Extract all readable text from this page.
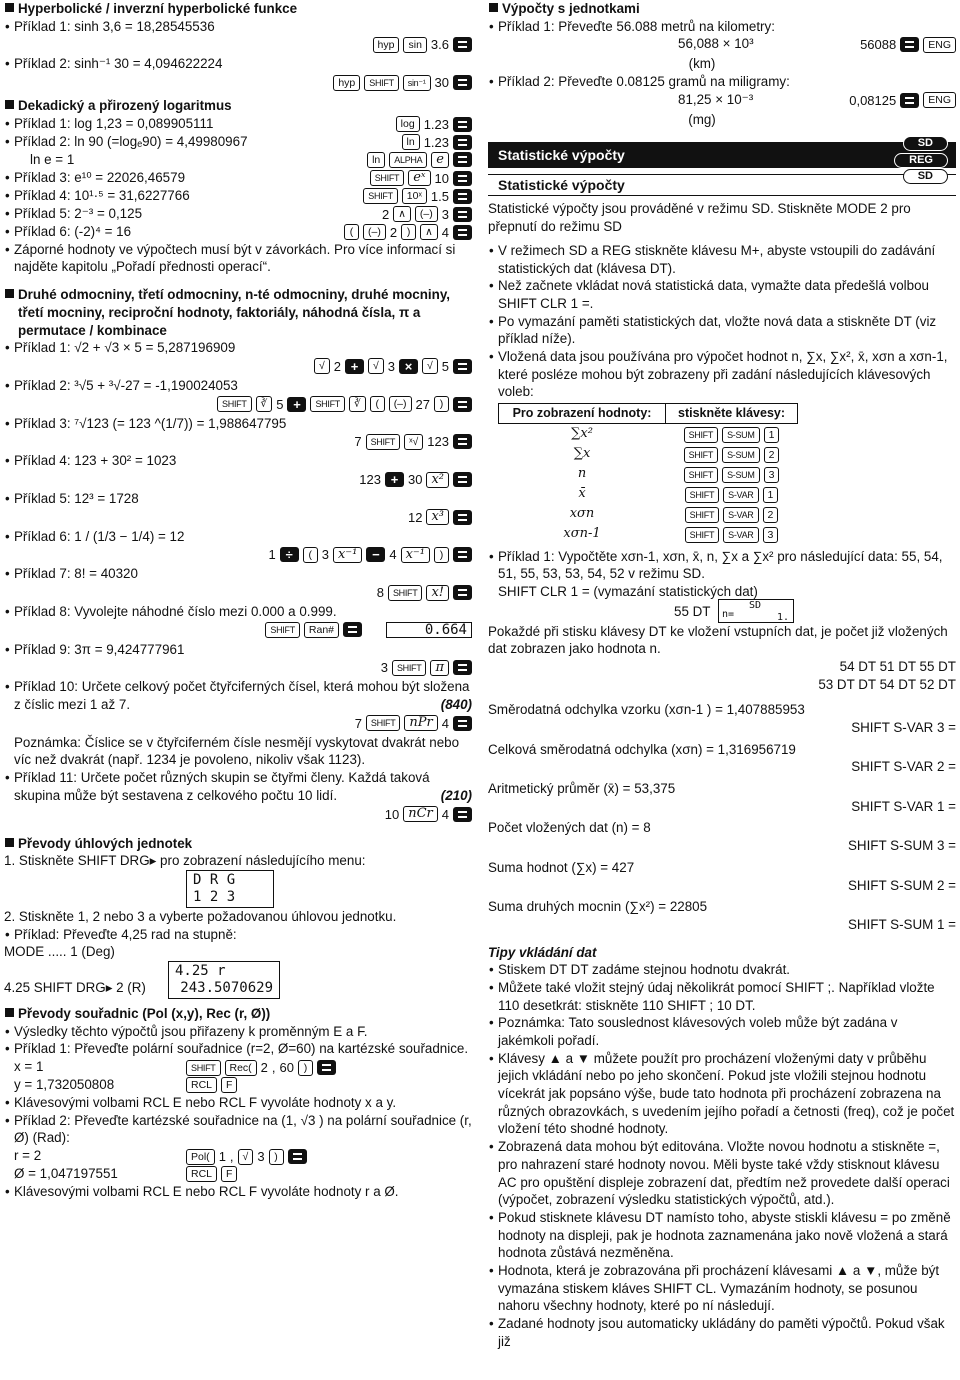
Hyperbolické / inverzní hyperbolické funkce
• Příklad 1: sinh 3,6 = 18,28545536
hyp	sin 3.6
• Příklad 2: sinh⁻¹ 30 = 4,094622224
hyp	SHIFT	sin⁻¹ 30
Dekadický a přirozený logaritmus
• Příklad 1: log 1,23 = 0,089905111	log 1.23
• Příklad 2: ln 90 (=logₑ90) = 4,49980967	ln 1.23
ln e = 1	ln	ALPHA	e
• Příklad 3: e¹⁰ = 22026,46579	SHIFT	eˣ 10
• Příklad 4: 10¹·⁵ = 31,6227766	SHIFT	10ˣ 1.5
• Příklad 5: 2⁻³ = 0,125	2 ∧	(–) 3
• Příklad 6: (-2)⁴ = 16	(	(–) 2 )	∧ 4
• Záporné hodnoty ve výpočtech musí být v závorkách. Pro více informací si najděte kapitolu „Pořadí přednosti operací“.
Druhé odmocniny, třetí odmocniny, n-té odmocniny, druhé mocniny, třetí mocniny, reciproční hodnoty, faktoriály, náhodná čísla, π a permutace / kombinace
• Příklad 1: √2 + √3 × 5 = 5,287196909
√ 2 +	√ 3 ×	√ 5
• Příklad 2: ³√5 + ³√-27 = -1,190024053
SHIFT	∛ 5 +	SHIFT	∛	(	(–) 27 )
• Příklad 3: ⁷√123 (= 123 ^(1/7)) = 1,988647795
7	SHIFT	ˣ√ 123
• Příklad 4: 123 + 30² = 1023
123 + 30 x²
• Příklad 5: 12³ = 1728
12 x³
• Příklad 6: 1 / (1/3 − 1/4) = 12
1 ÷	( 3 x⁻¹	− 4 x⁻¹	)
• Příklad 7: 8! = 40320
8	SHIFT	x!
• Příklad 8: Vyvolejte náhodné číslo mezi 0.000 a 0.999.
SHIFT	Ran#	0.664
• Příklad 9: 3π = 9,424777961
3	SHIFT	π
• Příklad 10: Určete celkový počet čtyřciferných čísel, která mohou být složena z číslic mezi 1 až 7.	(840)
7	SHIFT	nPr 4
Poznámka: Číslice se v čtyřciferném čísle nesmějí vyskytovat dvakrát nebo víc než dvakrát (např. 1234 je povoleno, nikoliv však 1123).
• Příklad 11: Určete počet různých skupin se čtyřmi členy. Každá taková skupina může být sestavena z celkového počtu 10 lidí.	(210)
10 nCr 4
Převody úhlových jednotek
1. Stiskněte SHIFT DRG▸ pro zobrazení následujícího menu:
D R G
1 2 3
2. Stiskněte 1, 2 nebo 3 a vyberte požadovanou úhlovou jednotku.
• Příklad: Převeďte 4,25 rad na stupně:
MODE ..... 1 (Deg)
4.25 SHIFT DRG▸ 2 (R)
4.25 r
243.5070629
Převody souřadnic (Pol (x,y), Rec (r, Ø))
• Výsledky těchto výpočtů jsou přiřazeny k proměnným E a F.
• Příklad 1: Převeďte polární souřadnice (r=2, Ø=60) na kartézské souřadnice.
x = 1	SHIFT	Rec( 2 , 60 )
y = 1,732050808	RCL	F
• Klávesovými volbami RCL E nebo RCL F vyvoláte hodnoty x a y.
• Příklad 2: Převeďte kartézské souřadnice na (1, √3 ) na polární souřadnice (r, Ø) (Rad):
r = 2	Pol( 1 , √ 3 )
Ø = 1,047197551	RCL	F
• Klávesovými volbami RCL E nebo RCL F vyvoláte hodnoty r a Ø.
Výpočty s jednotkami
• Příklad 1: Převeďte 56.088 metrů na kilometry:
56,088 × 10³	56088	ENG
(km)
• Příklad 2: Převeďte 0.08125 gramů na miligramy:
81,25 × 10⁻³	0,08125	ENG
(mg)
Statistické výpočty
SD
REG
Statistické výpočty
SD
Statistické výpočty jsou prováděné v režimu SD. Stiskněte MODE 2 pro přepnutí do režimu SD
• V režimech SD a REG stiskněte klávesu M+, abyste vstoupili do zadávání statistických dat (klávesa DT).
• Než začnete vkládat nová statistická data, vymažte data předešlá volbou SHIFT CLR 1 =.
• Po vymazání paměti statistických dat, vložte nová data a stiskněte DT (viz příklad níže).
• Vložená data jsou používána pro výpočet hodnot n, ∑x, ∑x², x̄, xσn a xσn-1, které posléze mohou být zobrazeny při zadání následujících klávesových voleb:
Pro zobrazení hodnoty:	stiskněte klávesy:
∑x²	SHIFT S-SUM 1
∑x	SHIFT S-SUM 2
n	SHIFT S-SUM 3
x̄	SHIFT S-VAR 1
xσn	SHIFT S-VAR 2
xσn-1	SHIFT S-VAR 3
• Příklad 1: Vypočtěte xσn-1, xσn, x̄, n, ∑x a ∑x² pro následující data: 55, 54, 51, 55, 53, 53, 54, 52 v režimu SD.
SHIFT CLR 1 = (vymazání statistických dat)
55 DT	SD
n=	1.
Pokaždé při stisku klávesy DT ke vložení vstupních dat, je počet již vložených dat zobrazen jako hodnota n.
54 DT 51 DT 55 DT
53 DT DT 54 DT 52 DT
Směrodatná odchylka vzorku (xσn-1 ) = 1,407885953
SHIFT S-VAR 3 =
Celková směrodatná odchylka (xσn) = 1,316956719
SHIFT S-VAR 2 =
Aritmetický průměr (x̄) = 53,375
SHIFT S-VAR 1 =
Počet vložených dat (n) = 8
SHIFT S-SUM 3 =
Suma hodnot (∑x) = 427
SHIFT S-SUM 2 =
Suma druhých mocnin (∑x²) = 22805
SHIFT S-SUM 1 =
Tipy vkládání dat
• Stiskem DT DT zadáme stejnou hodnotu dvakrát.
• Můžete také vložit stejný údaj několikrát pomocí SHIFT ;. Například vložte 110 desetkrát: stiskněte 110 SHIFT ; 10 DT.
• Poznámka: Tato souslednost klávesových voleb může být zadána v jakémkoli pořadí.
• Klávesy ▲ a ▼ můžete použít pro procházení vloženými daty v průběhu jejich vkládání nebo po jeho skončení. Pokud jste vložili stejnou hodnotu vícekrát jak popsáno výše, bude tato hodnota při procházení zobrazena na různých obrazovkách, s uvedením jejího pořadí a četnosti (freq), což je počet vložení této shodné hodnoty.
• Zobrazená data mohou být editována. Vložte novou hodnotu a stiskněte =, pro nahrazení staré hodnoty novou. Měli byste také vždy stisknout klávesu AC pro opuštění displeje zobrazení dat, předtím než provedete další operaci (výpočet, zobrazení výsledku statistických výpočtů, atd.).
• Pokud stisknete klávesu DT namísto toho, abyste stiskli klávesu = po změně hodnoty na displeji, pak je hodnota zaznamenána jako nově vložená a stará hodnota zůstává nezměněna.
• Hodnota, která je zobrazována při procházení klávesami ▲ a ▼, může být vymazána stiskem kláves SHIFT CL. Vymazáním hodnoty, se posunou nahoru všechny hodnoty, které po ní následují.
• Zadané hodnoty jsou automaticky ukládány do paměti výpočtů. Pokud však již
